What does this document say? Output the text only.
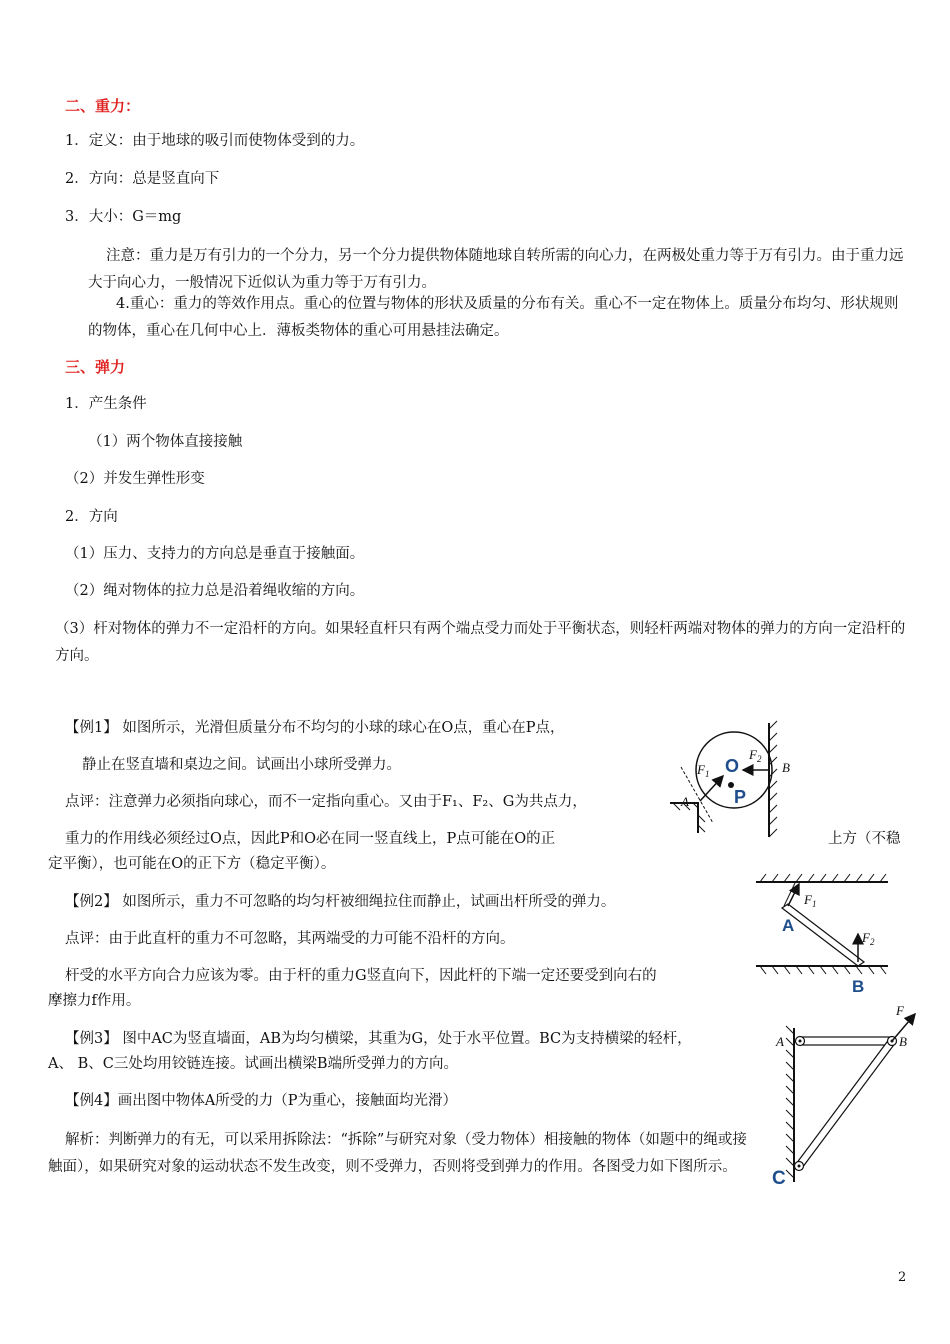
二、重力：
1．定义：由于地球的吸引而使物体受到的力。
2．方向：总是竖直向下
3．大小：G＝mg
注意：重力是万有引力的一个分力，另一个分力提供物体随地球自转所需的向心力，在两极处重力等于万有引力。由于重力远大于向心力，一般情况下近似认为重力等于万有引力。
4.重心：重力的等效作用点。重心的位置与物体的形状及质量的分布有关。重心不一定在物体上。质量分布均匀、形状规则的物体，重心在几何中心上．薄板类物体的重心可用悬挂法确定。
三、弹力
1．产生条件
（1）两个物体直接接触
（2）并发生弹性形变
2．方向
（1）压力、支持力的方向总是垂直于接触面。
（2）绳对物体的拉力总是沿着绳收缩的方向。
（3）杆对物体的弹力不一定沿杆的方向。如果轻直杆只有两个端点受力而处于平衡状态，则轻杆两端对物体的弹力的方向一定沿杆的方向。
【例1】 如图所示，光滑但质量分布不均匀的小球的球心在O点，重心在P点，
静止在竖直墙和桌边之间。试画出小球所受弹力。
点评：注意弹力必须指向球心，而不一定指向重心。又由于F₁、F₂、G为共点力，
重力的作用线必须经过O点，因此P和O必在同一竖直线上，P点可能在O的正	上方（不稳
定平衡），也可能在O的正下方（稳定平衡）。
O
P
$F_1$
$F_2$
A
B
【例2】 如图所示，重力不可忽略的均匀杆被细绳拉住而静止，试画出杆所受的弹力。
点评：由于此直杆的重力不可忽略，其两端受的力可能不沿杆的方向。
杆受的水平方向合力应该为零。由于杆的重力G竖直向下，因此杆的下端一定还要受到向右的
摩擦力f作用。
$F_1$
$F_2$
A
B
【例3】 图中AC为竖直墙面，AB为均匀横梁，其重为G，处于水平位置。BC为支持横梁的轻杆，
A、 B、C三处均用铰链连接。试画出横梁B端所受弹力的方向。
【例4】画出图中物体A所受的力（P为重心，接触面均光滑）
解析：判断弹力的有无，可以采用拆除法：“拆除”与研究对象（受力物体）相接触的物体（如题中的绳或接触面），如果研究对象的运动状态不发生改变，则不受弹力，否则将受到弹力的作用。各图受力如下图所示。
F
A	B
C
2
